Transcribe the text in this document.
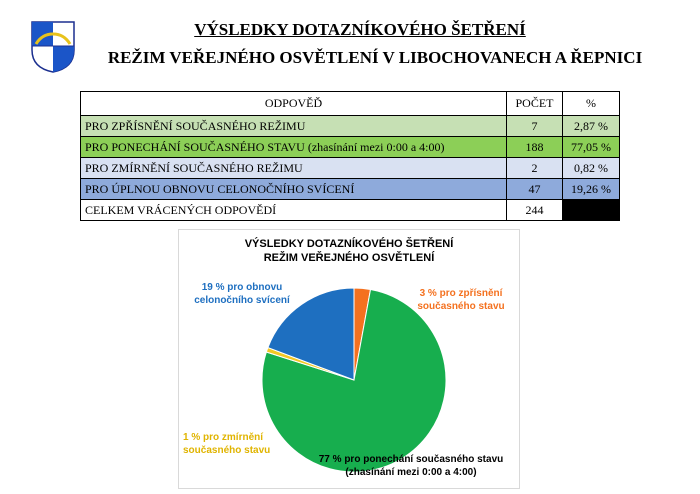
VÝSLEDKY DOTAZNÍKOVÉHO ŠETŘENÍ
REŽIM VEŘEJNÉHO OSVĚTLENÍ V LIBOCHOVANECH A ŘEPNICI
ODPOVĚĎ	POČET	%
PRO ZPŘÍSNĚNÍ SOUČASNÉHO REŽIMU	7	2,87 %
PRO PONECHÁNÍ SOUČASNÉHO STAVU (zhasínání mezi 0:00 a 4:00)	188	77,05 %
PRO ZMÍRNĚNÍ SOUČASNÉHO REŽIMU	2	0,82 %
PRO ÚPLNOU OBNOVU CELONOČNÍHO SVÍCENÍ	47	19,26 %
CELKEM VRÁCENÝCH ODPOVĚDÍ	244	
VÝSLEDKY DOTAZNÍKOVÉHO ŠETŘENÍ
REŽIM VEŘEJNÉHO OSVĚTLENÍ
19 % pro obnovu
celonočního svícení
3 % pro zpřísnění
současného stavu
1 % pro zmírnění
současného stavu
77 % pro ponechání současného stavu
(zhasínání mezi 0:00 a 4:00)
